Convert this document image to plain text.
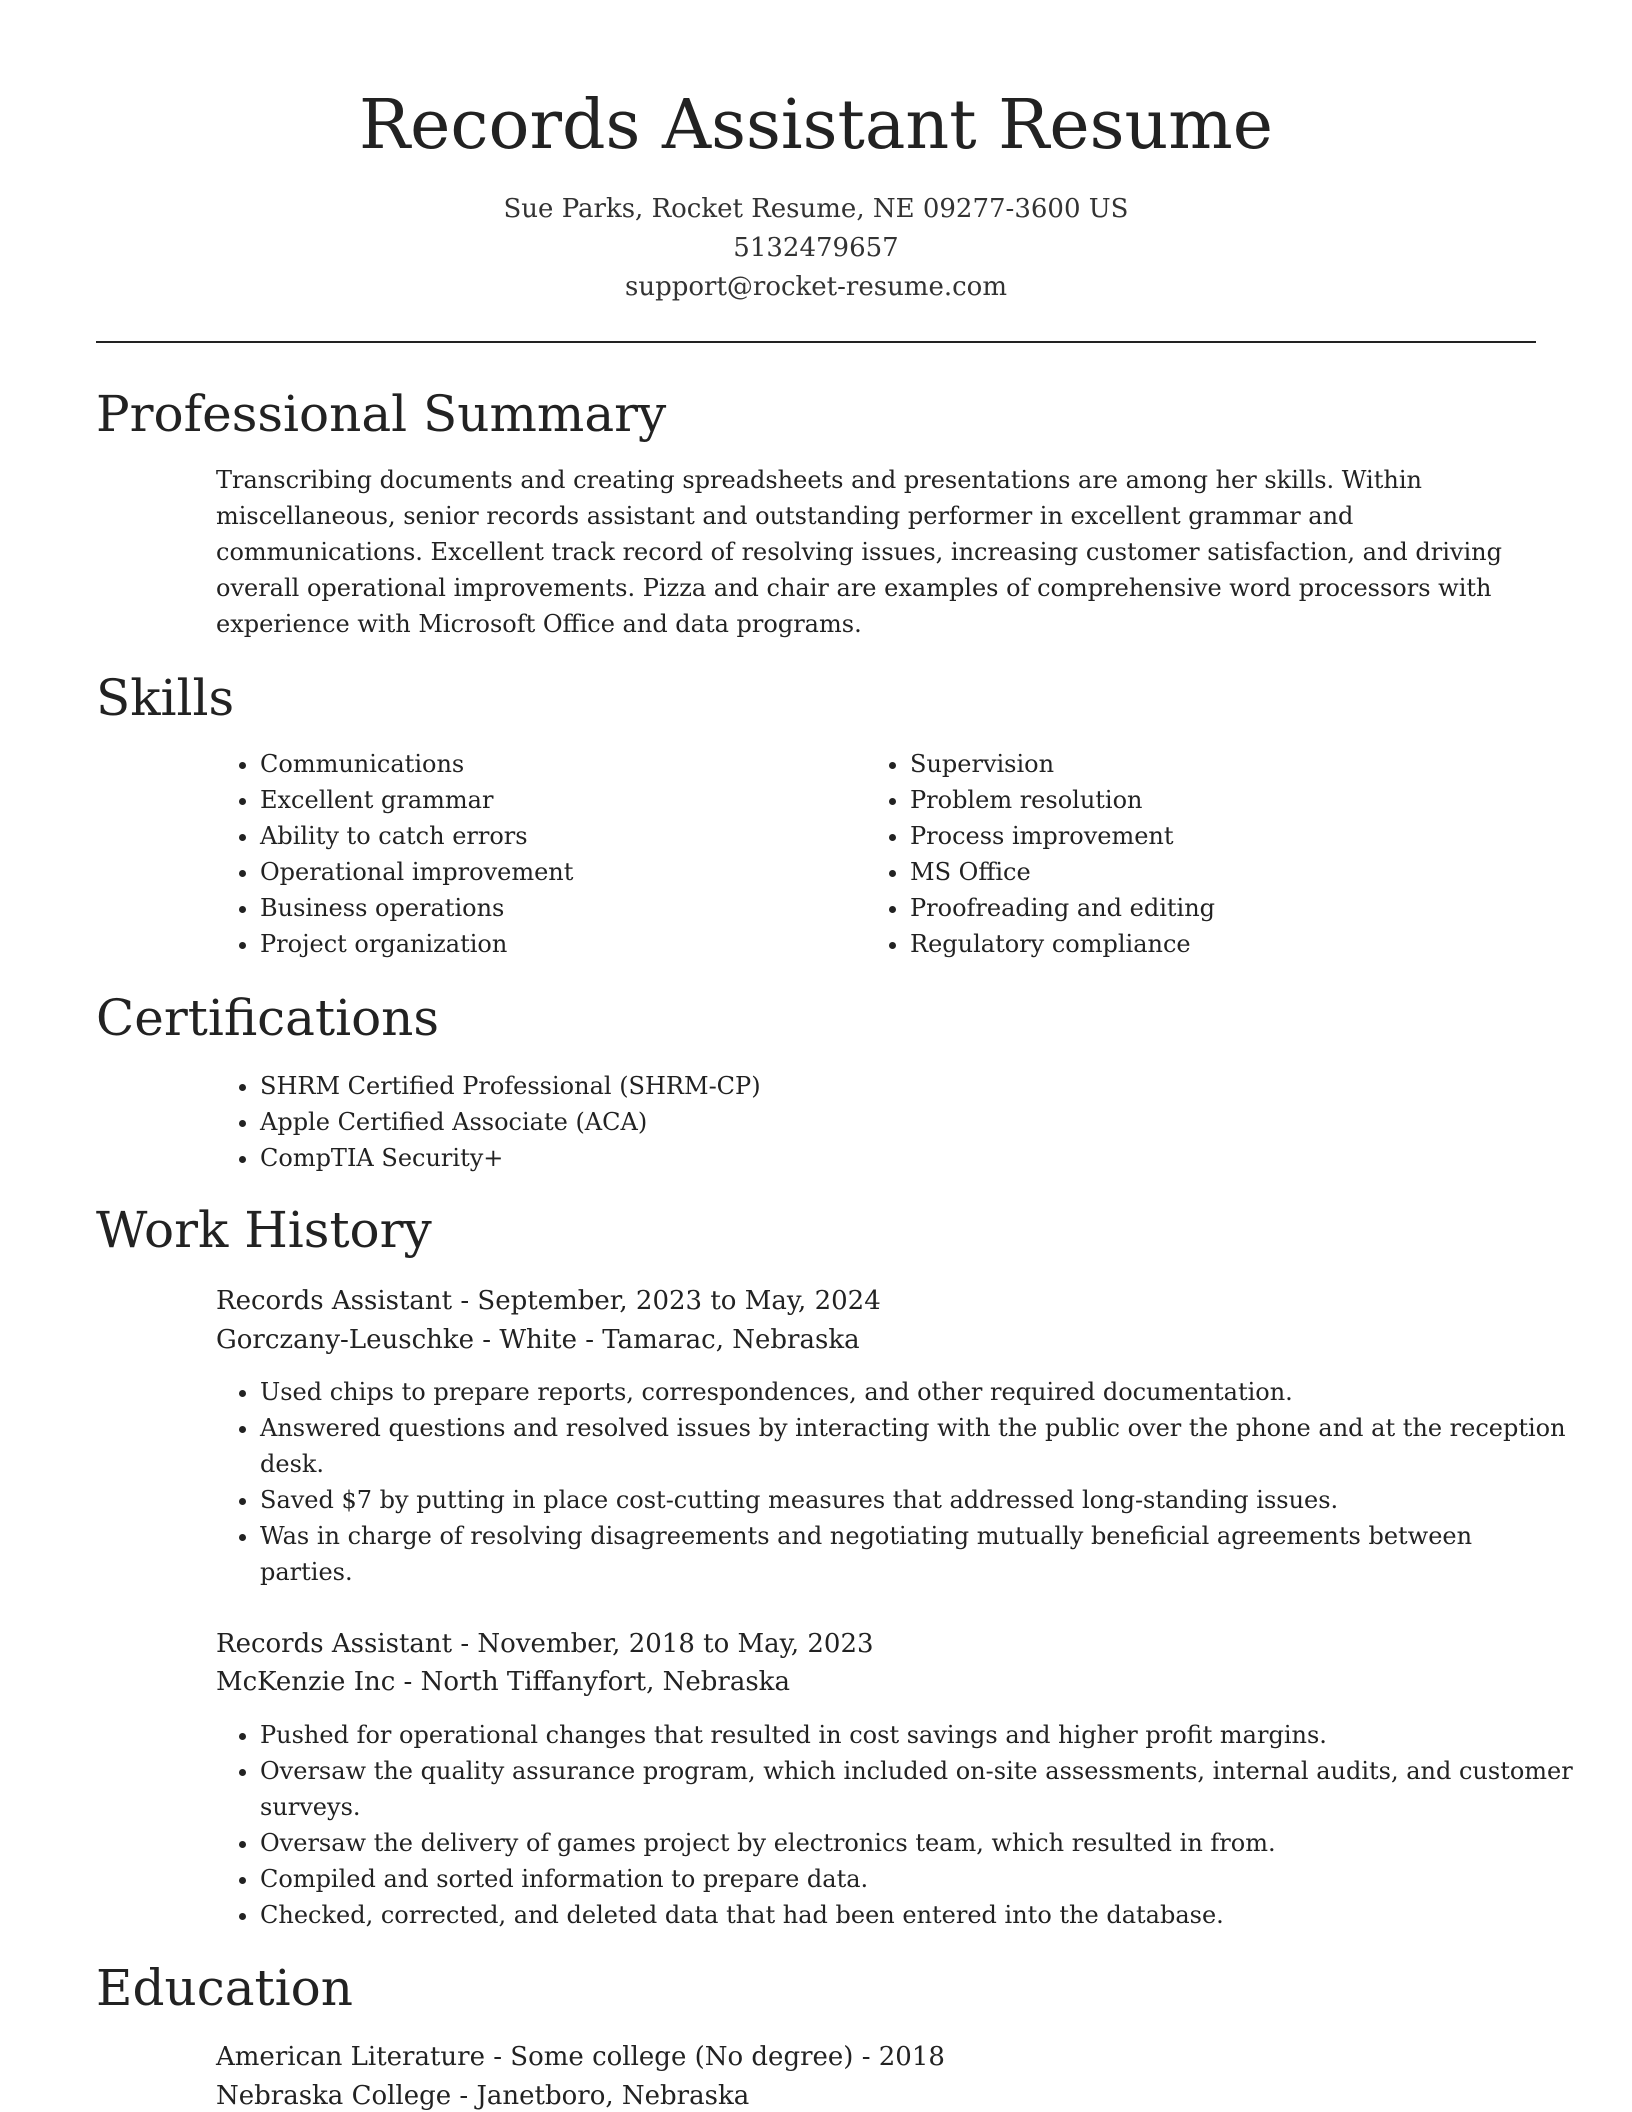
Records Assistant Resume
Sue Parks, Rocket Resume, NE 09277-3600 US
5132479657
support@rocket-resume.com
Professional Summary

Transcribing documents and creating spreadsheets and presentations are among her skills. Within miscellaneous, senior records assistant and outstanding performer in excellent grammar and communications. Excellent track record of resolving issues, increasing customer satisfaction, and driving overall operational improvements. Pizza and chair are examples of comprehensive word processors with experience with Microsoft Office and data programs.

Skills
• Communications
• Excellent grammar
• Ability to catch errors
• Operational improvement
• Business operations
• Project organization
• Supervision
• Problem resolution
• Process improvement
• MS Office
• Proofreading and editing
• Regulatory compliance
Certifications
• SHRM Certified Professional (SHRM-CP)
• Apple Certified Associate (ACA)
• CompTIA Security+
Work History
Records Assistant - September, 2023 to May, 2024
Gorczany-Leuschke - White - Tamarac, Nebraska
• Used chips to prepare reports, correspondences, and other required documentation.
• Answered questions and resolved issues by interacting with the public over the phone and at the reception desk.
• Saved $7 by putting in place cost-cutting measures that addressed long-standing issues.
• Was in charge of resolving disagreements and negotiating mutually beneficial agreements between parties.
Records Assistant - November, 2018 to May, 2023
McKenzie Inc - North Tiffanyfort, Nebraska
• Pushed for operational changes that resulted in cost savings and higher profit margins.
• Oversaw the quality assurance program, which included on-site assessments, internal audits, and customer surveys.
• Oversaw the delivery of games project by electronics team, which resulted in from.
• Compiled and sorted information to prepare data.
• Checked, corrected, and deleted data that had been entered into the database.
Education
American Literature - Some college (No degree) - 2018
Nebraska College - Janetboro, Nebraska
